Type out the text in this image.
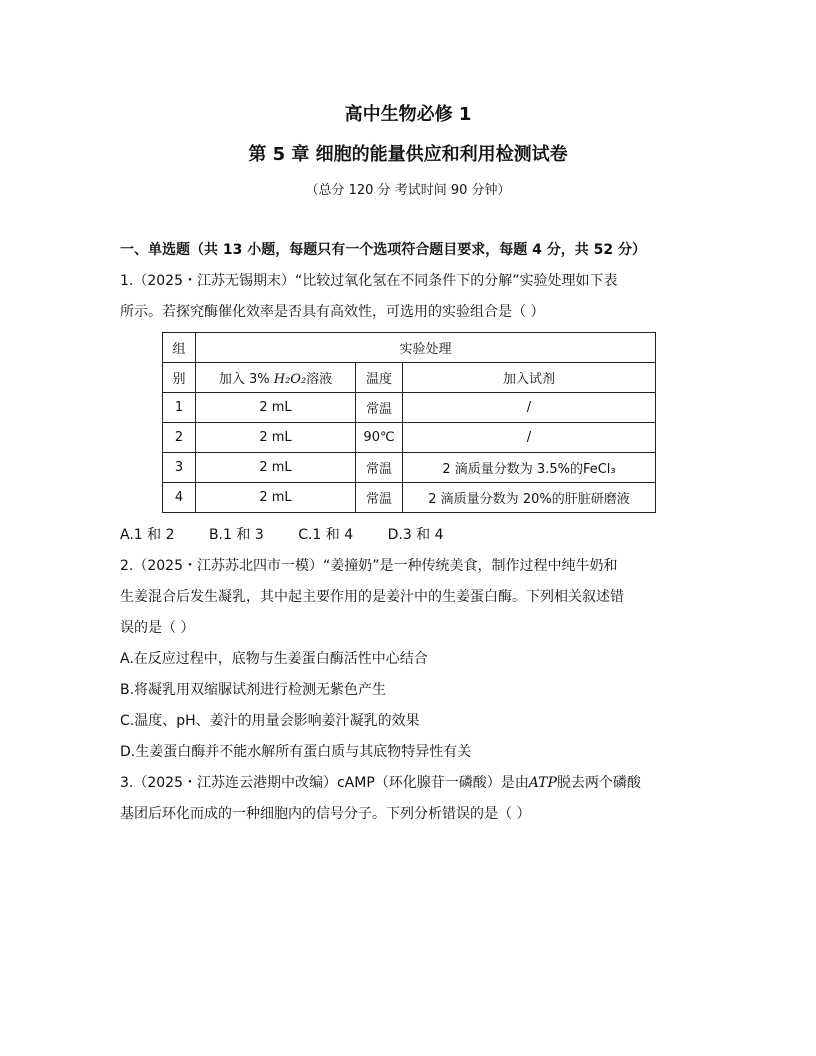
高中生物必修 1
第 5 章 细胞的能量供应和利用检测试卷
（总分 120 分 考试时间 90 分钟）
一、单选题（共 13 小题，每题只有一个选项符合题目要求，每题 4 分，共 52 分）
1.（2025・江苏无锡期末）“比较过氧化氢在不同条件下的分解”实验处理如下表
所示。若探究酶催化效率是否具有高效性，可选用的实验组合是（ ）
组	实验处理		
别	加入 3% H₂O₂溶液	温度	加入试剂
1	2 mL	常温	/
2	2 mL	90℃	/
3	2 mL	常温	2 滴质量分数为 3.5%的FeCl₃
4	2 mL	常温	2 滴质量分数为 20%的肝脏研磨液
A.1 和 2 B.1 和 3 C.1 和 4 D.3 和 4
2.（2025・江苏苏北四市一模）“姜撞奶”是一种传统美食，制作过程中纯牛奶和
生姜混合后发生凝乳，其中起主要作用的是姜汁中的生姜蛋白酶。下列相关叙述错
误的是（ ）
A.在反应过程中，底物与生姜蛋白酶活性中心结合
B.将凝乳用双缩脲试剂进行检测无紫色产生
C.温度、pH、姜汁的用量会影响姜汁凝乳的效果
D.生姜蛋白酶并不能水解所有蛋白质与其底物特异性有关
3.（2025・江苏连云港期中改编）cAMP（环化腺苷一磷酸）是由ATP脱去两个磷酸
基团后环化而成的一种细胞内的信号分子。下列分析错误的是（ ）
